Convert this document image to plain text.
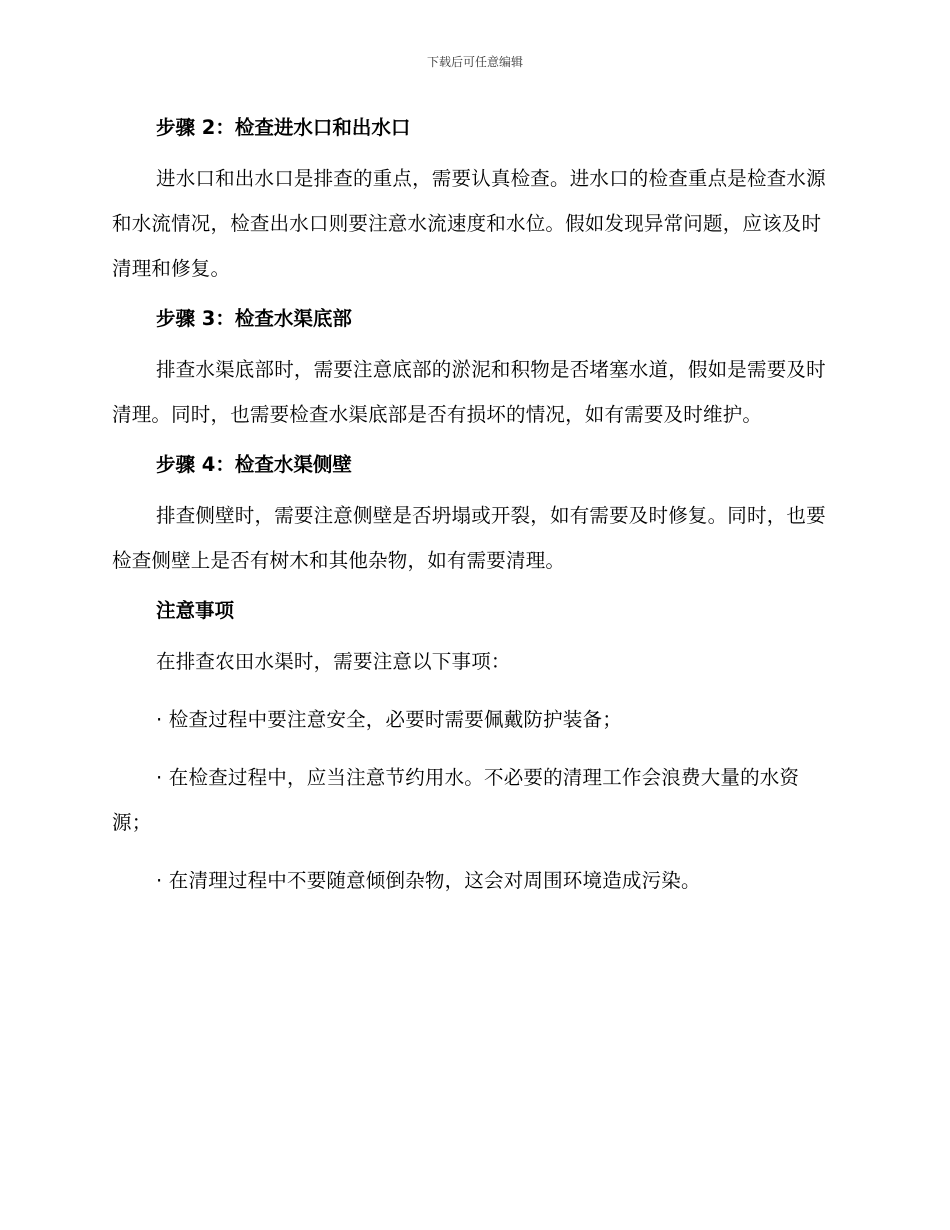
下载后可任意编辑

步骤 2：检查进水口和出水口

进水口和出水口是排查的重点，需要认真检查。进水口的检查重点是检查水源和水流情况，检查出水口则要注意水流速度和水位。假如发现异常问题，应该及时清理和修复。

步骤 3：检查水渠底部

排查水渠底部时，需要注意底部的淤泥和积物是否堵塞水道，假如是需要及时清理。同时，也需要检查水渠底部是否有损坏的情况，如有需要及时维护。

步骤 4：检查水渠侧壁

排查侧壁时，需要注意侧壁是否坍塌或开裂，如有需要及时修复。同时，也要检查侧壁上是否有树木和其他杂物，如有需要清理。

注意事项

在排查农田水渠时，需要注意以下事项：

· 检查过程中要注意安全，必要时需要佩戴防护装备；

· 在检查过程中，应当注意节约用水。不必要的清理工作会浪费大量的水资源；

· 在清理过程中不要随意倾倒杂物，这会对周围环境造成污染。
